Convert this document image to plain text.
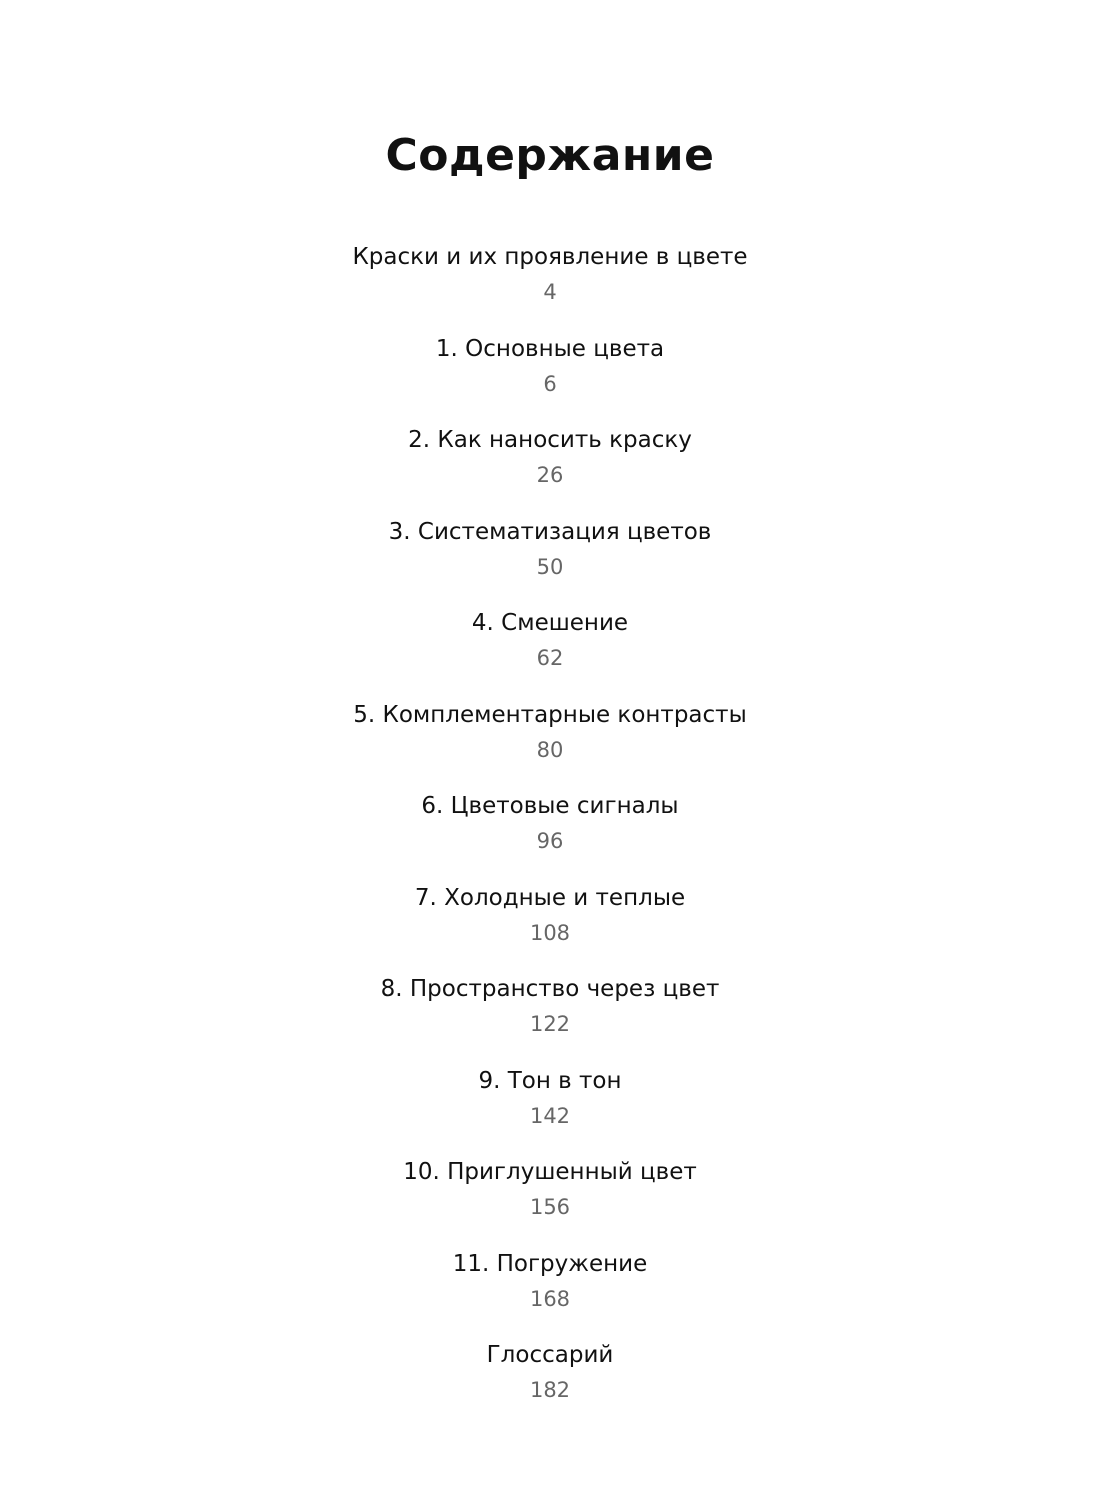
Содержание
Краски и их проявление в цвете
4
1. Основные цвета
6
2. Как наносить краску
26
3. Систематизация цветов
50
4. Смешение
62
5. Комплементарные контрасты
80
6. Цветовые сигналы
96
7. Холодные и теплые
108
8. Пространство через цвет
122
9. Тон в тон
142
10. Приглушенный цвет
156
11. Погружение
168
Глоссарий
182
